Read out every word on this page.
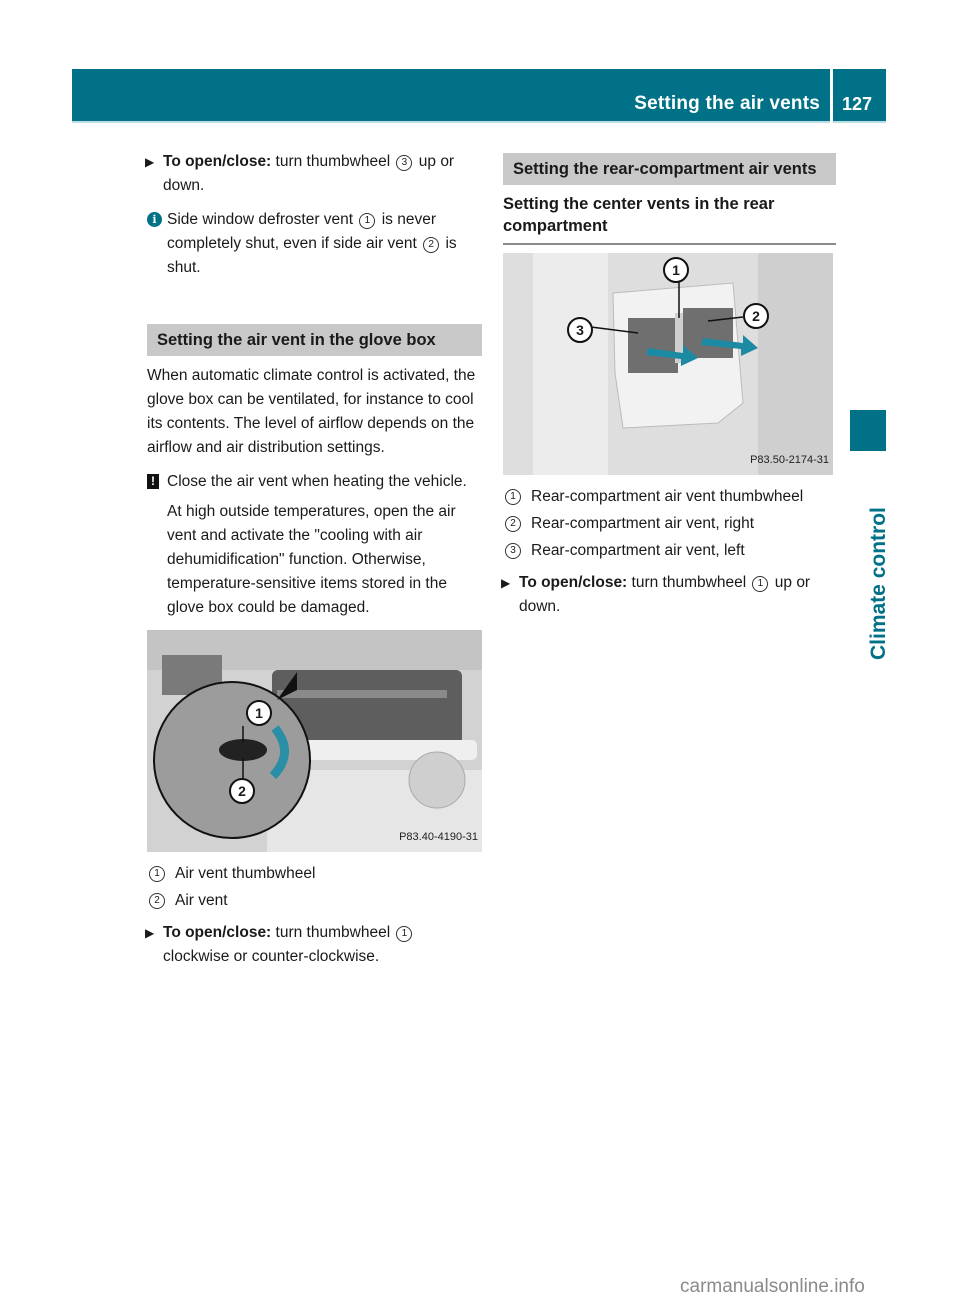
Setting the air vents 127
Climate control
▶ To open/close: turn thumbwheel 3 up or down.
i Side window defroster vent 1 is never completely shut, even if side air vent 2 is shut.
Setting the air vent in the glove box

When automatic climate control is activated, the glove box can be ventilated, for instance to cool its contents. The level of airflow depends on the airflow and air distribution settings.

! Close the air vent when heating the vehicle.

At high outside temperatures, open the air vent and activate the "cooling with air dehumidification" function. Otherwise, temperature-sensitive items stored in the glove box could be damaged.

1
2
P83.40-4190-31
1 Air vent thumbwheel
2 Air vent
▶ To open/close: turn thumbwheel 1 clockwise or counter-clockwise.
Setting the rear-compartment air vents
Setting the center vents in the rear compartment
1
2
3
P83.50-2174-31
1 Rear-compartment air vent thumbwheel
2 Rear-compartment air vent, right
3 Rear-compartment air vent, left
▶ To open/close: turn thumbwheel 1 up or down.
carmanualsonline.info
